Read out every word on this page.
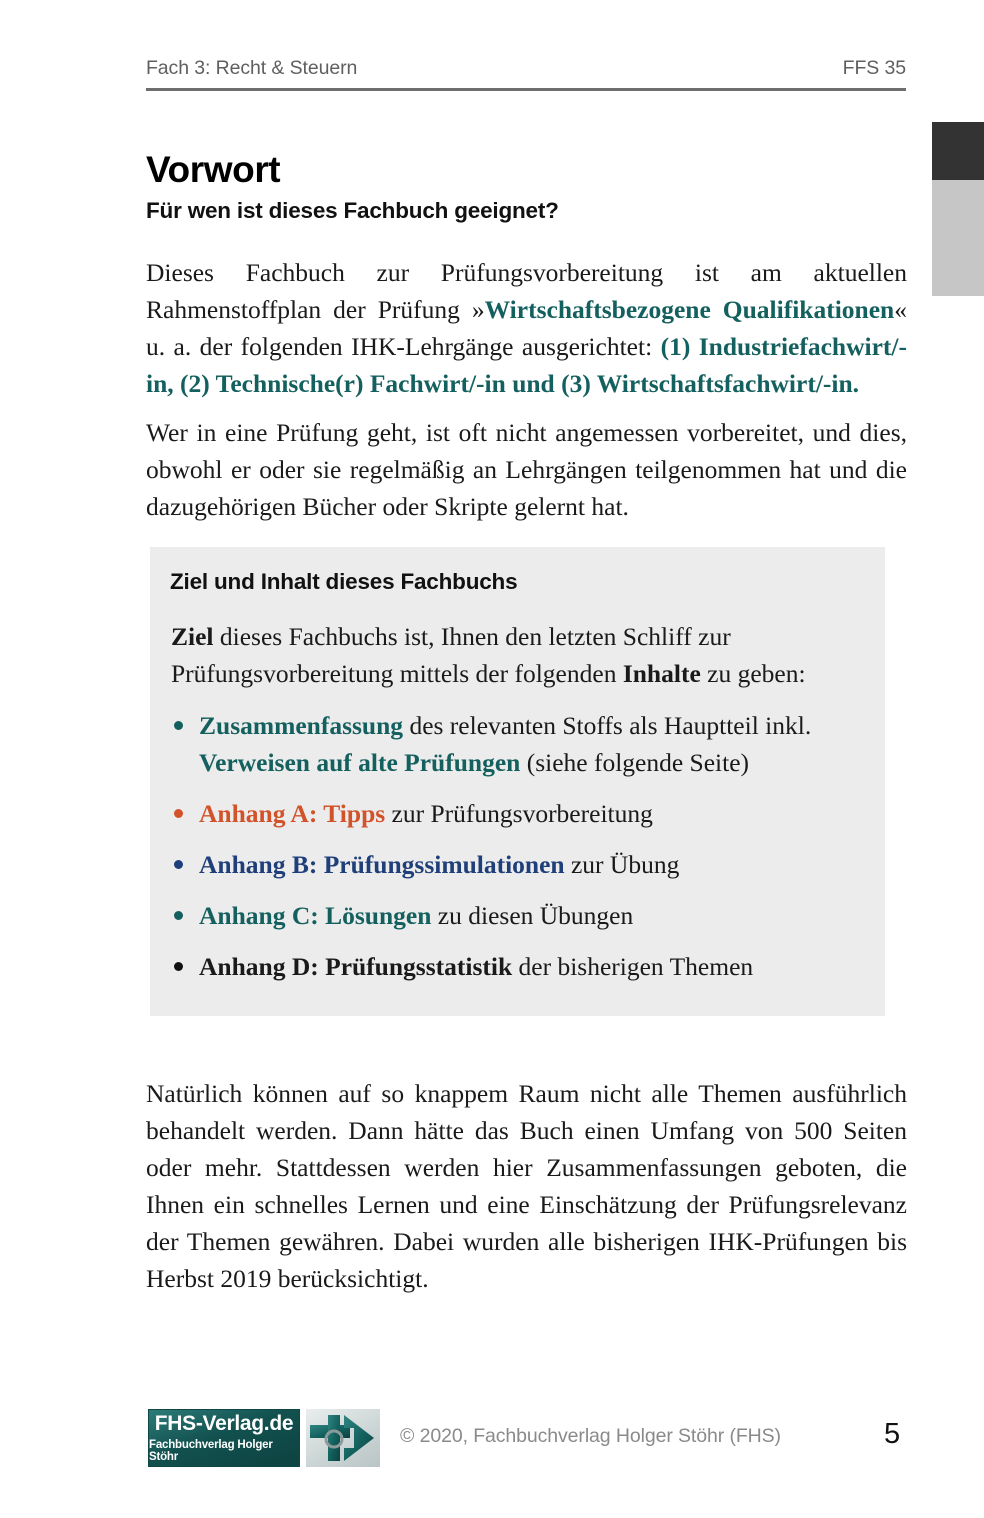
Fach 3: Recht & Steuern	FFS 35
Vorwort
Für wen ist dieses Fachbuch geeignet?
Dieses Fachbuch zur Prüfungsvorbereitung ist am aktuellen Rahmenstoffplan der Prüfung »Wirtschaftsbezogene Qualifikationen« u. a. der folgenden IHK-Lehrgänge ausgerichtet: (1) Industriefachwirt/-in, (2) Technische(r) Fachwirt/-in und (3) Wirtschaftsfachwirt/-in.
Wer in eine Prüfung geht, ist oft nicht angemessen vorbereitet, und dies, obwohl er oder sie regelmäßig an Lehrgängen teilgenommen hat und die dazugehörigen Bücher oder Skripte gelernt hat.
Ziel und Inhalt dieses Fachbuchs
Ziel dieses Fachbuchs ist, Ihnen den letzten Schliff zur Prüfungsvorbereitung mittels der folgenden Inhalte zu geben:
Zusammenfassung des relevanten Stoffs als Hauptteil inkl. Verweisen auf alte Prüfungen (siehe folgende Seite)
Anhang A: Tipps zur Prüfungsvorbereitung
Anhang B: Prüfungssimulationen zur Übung
Anhang C: Lösungen zu diesen Übungen
Anhang D: Prüfungsstatistik der bisherigen Themen
Natürlich können auf so knappem Raum nicht alle Themen ausführlich behandelt werden. Dann hätte das Buch einen Umfang von 500 Seiten oder mehr. Stattdessen werden hier Zusammenfassungen geboten, die Ihnen ein schnelles Lernen und eine Einschätzung der Prüfungsrelevanz der Themen gewähren. Dabei wurden alle bisherigen IHK-Prüfungen bis Herbst 2019 berücksichtigt.
FHS-Verlag.de
Fachbuchverlag Holger Stöhr
© 2020, Fachbuchverlag Holger Stöhr (FHS)	5
